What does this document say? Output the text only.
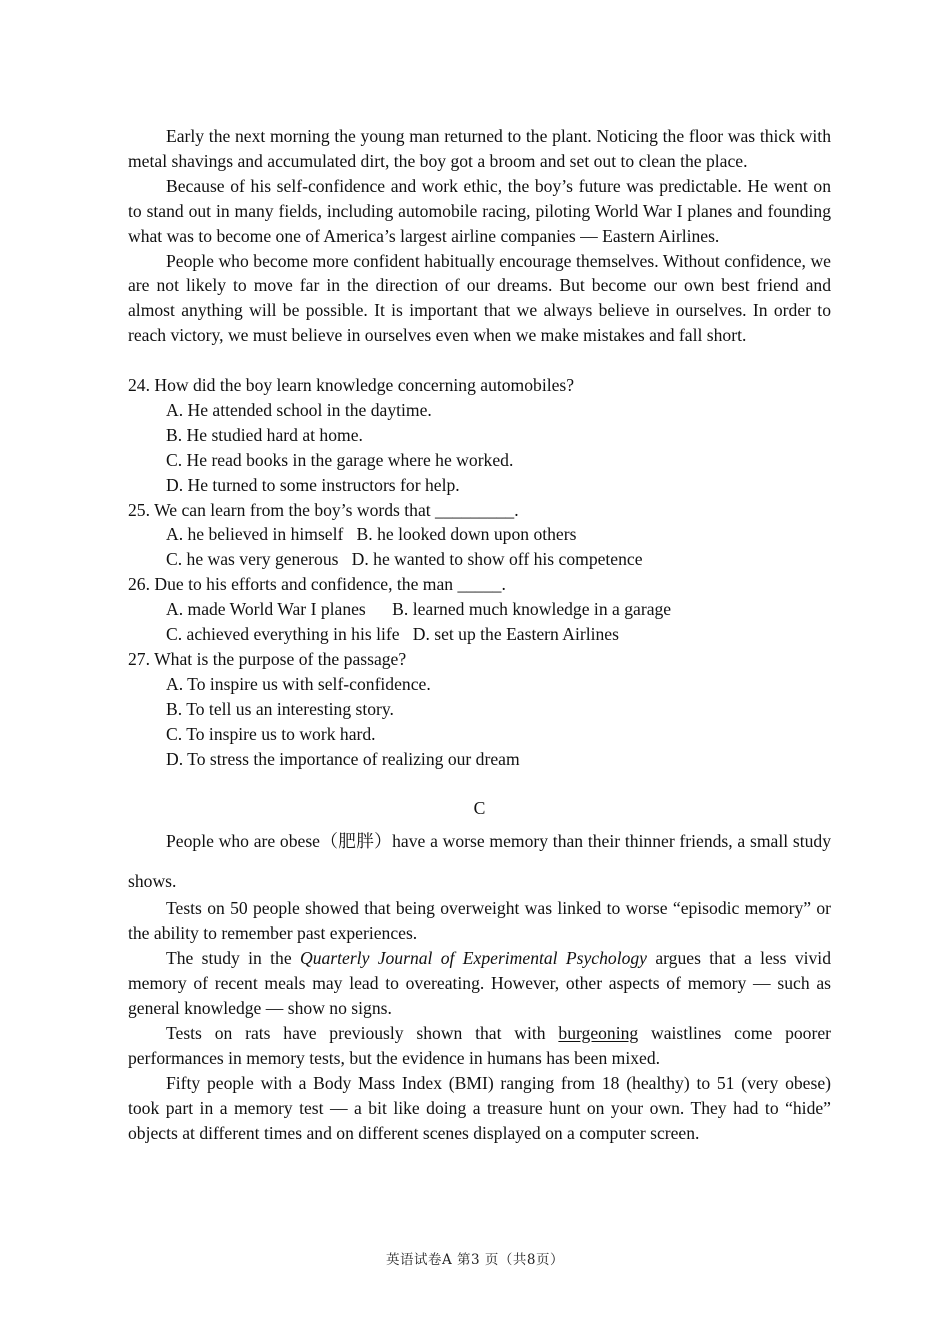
Early the next morning the young man returned to the plant. Noticing the floor was thick with metal shavings and accumulated dirt, the boy got a broom and set out to clean the place.

Because of his self-confidence and work ethic, the boy’s future was predictable. He went on to stand out in many fields, including automobile racing, piloting World War I planes and founding what was to become one of America’s largest airline companies — Eastern Airlines.

People who become more confident habitually encourage themselves. Without confidence, we are not likely to move far in the direction of our dreams. But become our own best friend and almost anything will be possible. It is important that we always believe in ourselves. In order to reach victory, we must believe in ourselves even when we make mistakes and fall short.

24. How did the boy learn knowledge concerning automobiles?
A. He attended school in the daytime.
B. He studied hard at home.
C. He read books in the garage where he worked.
D. He turned to some instructors for help.
25. We can learn from the boy’s words that _________.
A. he believed in himself   B. he looked down upon others
C. he was very generous   D. he wanted to show off his competence
26. Due to his efforts and confidence, the man _____.
A. made World War I planes      B. learned much knowledge in a garage
C. achieved everything in his life   D. set up the Eastern Airlines
27. What is the purpose of the passage?
A. To inspire us with self-confidence.
B. To tell us an interesting story.
C. To inspire us to work hard.
D. To stress the importance of realizing our dream

C

People who are obese（肥胖）have a worse memory than their thinner friends, a small study shows.

Tests on 50 people showed that being overweight was linked to worse “episodic memory” or the ability to remember past experiences.

The study in the Quarterly Journal of Experimental Psychology argues that a less vivid memory of recent meals may lead to overeating. However, other aspects of memory — such as general knowledge — show no signs.

Tests on rats have previously shown that with burgeoning waistlines come poorer performances in memory tests, but the evidence in humans has been mixed.

Fifty people with a Body Mass Index (BMI) ranging from 18 (healthy) to 51 (very obese) took part in a memory test — a bit like doing a treasure hunt on your own. They had to “hide” objects at different times and on different scenes displayed on a computer screen.

英语试卷A 第3 页（共8页）
